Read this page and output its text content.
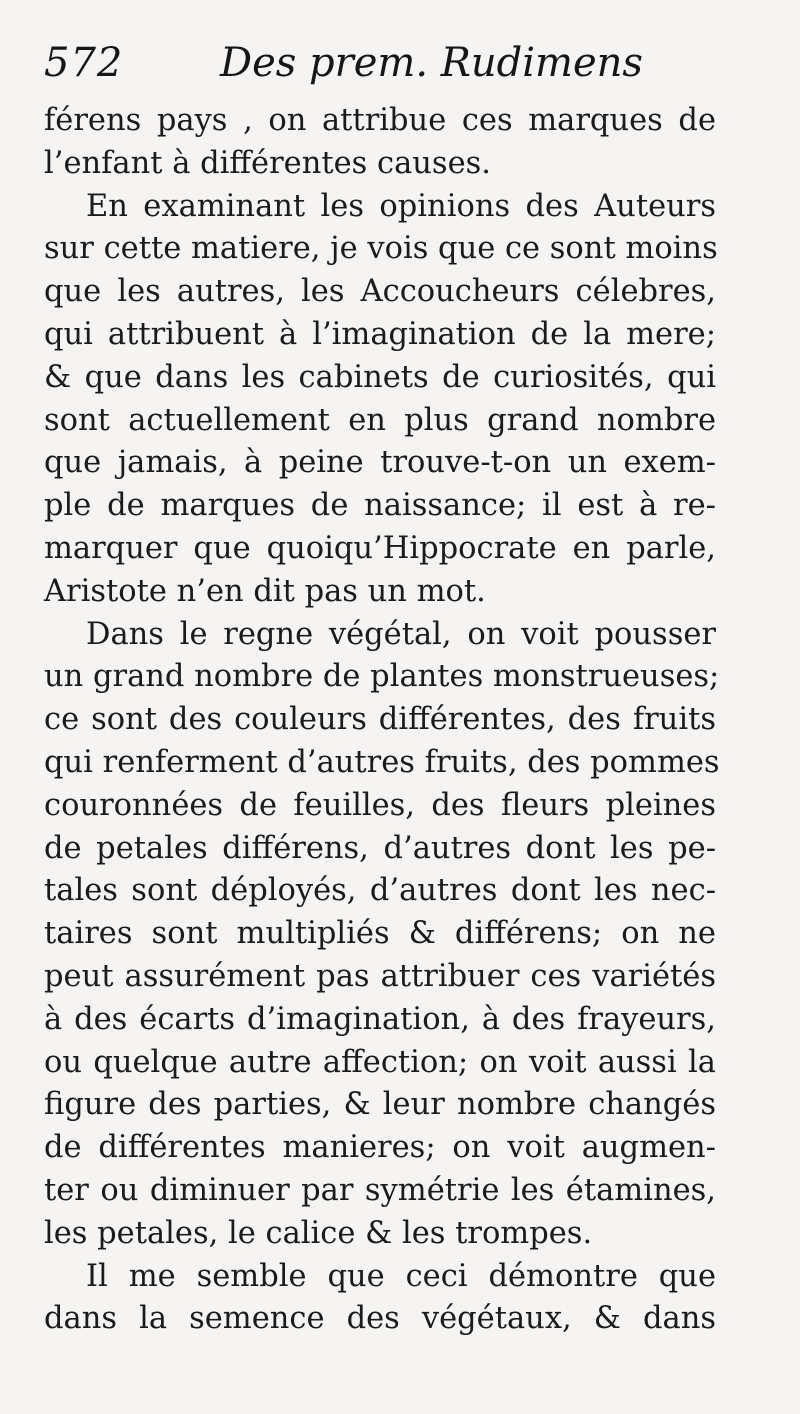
572 Des prem. Rudimens
férens pays , on attribue ces marques de
l’enfant à différentes causes.
En examinant les opinions des Auteurs
sur cette matiere, je vois que ce sont moins
que les autres, les Accoucheurs célebres,
qui attribuent à l’imagination de la mere;
& que dans les cabinets de curiosités, qui
sont actuellement en plus grand nombre
que jamais, à peine trouve-t-on un exem-
ple de marques de naissance; il est à re-
marquer que quoiqu’Hippocrate en parle,
Aristote n’en dit pas un mot.
Dans le regne végétal, on voit pousser
un grand nombre de plantes monstrueuses;
ce sont des couleurs différentes, des fruits
qui renferment d’autres fruits, des pommes
couronnées de feuilles, des fleurs pleines
de petales différens, d’autres dont les pe-
tales sont déployés, d’autres dont les nec-
taires sont multipliés & différens; on ne
peut assurément pas attribuer ces variétés
à des écarts d’imagination, à des frayeurs,
ou quelque autre affection; on voit aussi la
figure des parties, & leur nombre changés
de différentes manieres; on voit augmen-
ter ou diminuer par symétrie les étamines,
les petales, le calice & les trompes.
Il me semble que ceci démontre que
dans la semence des végétaux, & dans
